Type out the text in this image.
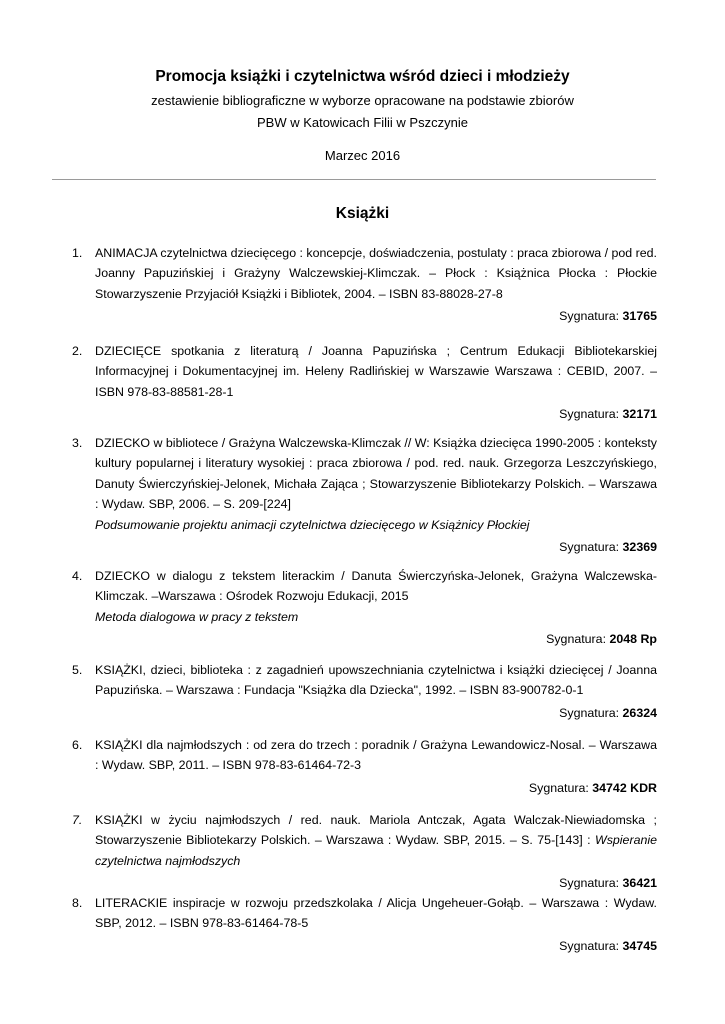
Promocja książki i czytelnictwa wśród dzieci i młodzieży
zestawienie bibliograficzne w wyborze opracowane na podstawie zbiorów
PBW w Katowicach Filii w Pszczynie
Marzec 2016
Książki
1.	ANIMACJA czytelnictwa dziecięcego : koncepcje, doświadczenia, postulaty : praca zbiorowa / pod red. Joanny Papuzińskiej i Grażyny Walczewskiej-Klimczak. – Płock : Książnica Płocka : Płockie Stowarzyszenie Przyjaciół Książki i Bibliotek, 2004. – ISBN 83-88028-27-8
Sygnatura: 31765
2.	DZIECIĘCE spotkania z literaturą / Joanna Papuzińska ; Centrum Edukacji Bibliotekarskiej Informacyjnej i Dokumentacyjnej im. Heleny Radlińskiej w Warszawie Warszawa : CEBID, 2007. – ISBN 978-83-88581-28-1
Sygnatura: 32171
3.	DZIECKO w bibliotece / Grażyna Walczewska-Klimczak // W: Książka dziecięca 1990-2005 : konteksty kultury popularnej i literatury wysokiej : praca zbiorowa / pod. red. nauk. Grzegorza Leszczyńskiego, Danuty Świerczyńskiej-Jelonek, Michała Zająca ; Stowarzyszenie Bibliotekarzy Polskich. – Warszawa : Wydaw. SBP, 2006. – S. 209-[224]
Podsumowanie projektu animacji czytelnictwa dziecięcego w Książnicy Płockiej
Sygnatura: 32369
4.	DZIECKO w dialogu z tekstem literackim / Danuta Świerczyńska-Jelonek, Grażyna Walczewska-Klimczak. –Warszawa : Ośrodek Rozwoju Edukacji, 2015
Metoda dialogowa w pracy z tekstem
Sygnatura: 2048 Rp
5.	KSIĄŻKI, dzieci, biblioteka : z zagadnień upowszechniania czytelnictwa i książki dziecięcej / Joanna Papuzińska. – Warszawa : Fundacja "Książka dla Dziecka", 1992. – ISBN 83-900782-0-1
Sygnatura: 26324
6.	KSIĄŻKI dla najmłodszych : od zera do trzech : poradnik / Grażyna Lewandowicz-Nosal. – Warszawa : Wydaw. SBP, 2011. – ISBN 978-83-61464-72-3
Sygnatura: 34742 KDR
7.	KSIĄŻKI w życiu najmłodszych / red. nauk. Mariola Antczak, Agata Walczak-Niewiadomska ; Stowarzyszenie Bibliotekarzy Polskich. – Warszawa : Wydaw. SBP, 2015. – S. 75-[143] : Wspieranie czytelnictwa najmłodszych
Sygnatura: 36421
8.	LITERACKIE inspiracje w rozwoju przedszkolaka / Alicja Ungeheuer-Gołąb. – Warszawa : Wydaw. SBP, 2012. – ISBN 978-83-61464-78-5
Sygnatura: 34745
